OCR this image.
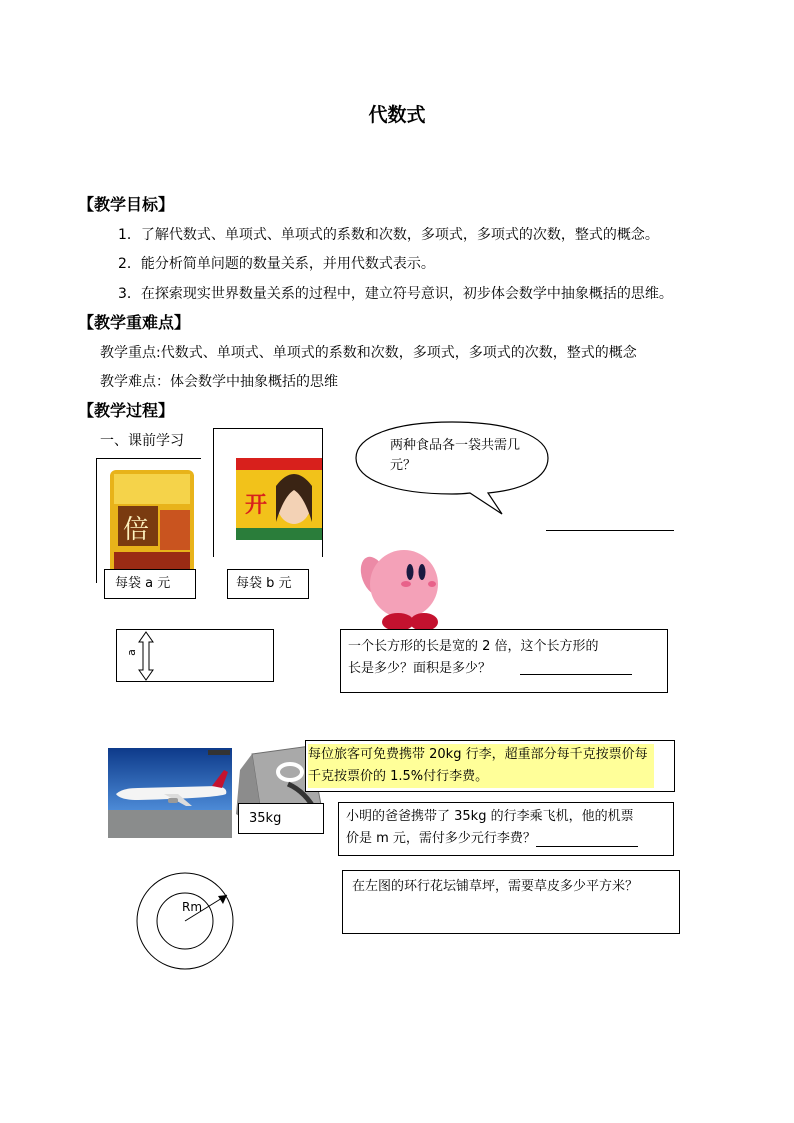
代数式
【教学目标】
1．了解代数式、单项式、单项式的系数和次数，多项式，多项式的次数，整式的概念。
2．能分析简单问题的数量关系，并用代数式表示。
3．在探索现实世界数量关系的过程中，建立符号意识，初步体会数学中抽象概括的思维。
【教学重难点】
教学重点:代数式、单项式、单项式的系数和次数，多项式，多项式的次数，整式的概念
教学难点：体会数学中抽象概括的思维
【教学过程】
一、课前学习
倍
开
每袋 a 元	每袋 b 元
两种食品各一袋共需几元？
a	一个长方形的长是宽的 2 倍，这个长方形的长是多少？面积是多少？
每位旅客可免费携带 20kg 行李，超重部分每千克按票价每千克按票价的 1.5%付行李费。
35kg	小明的爸爸携带了 35kg 的行李乘飞机，他的机票价是 m 元，需付多少元行李费？
Rm
在左图的环行花坛铺草坪，需要草皮多少平方米？
